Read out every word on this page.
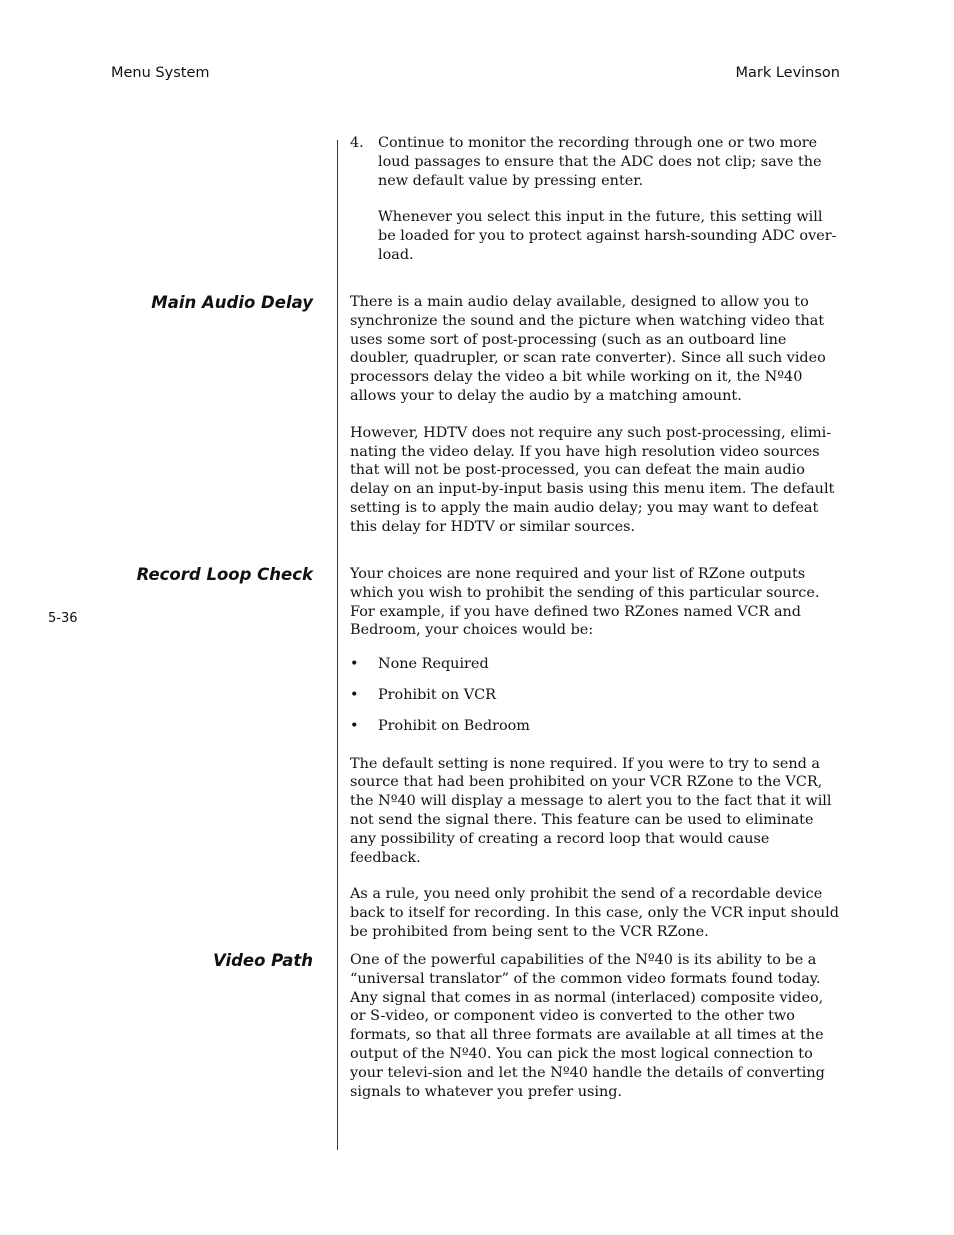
Menu System	Mark Levinson
5-36
4. Continue to monitor the recording through one or two more loud passages to ensure that the ADC does not clip; save the new default value by pressing enter.

Whenever you select this input in the future, this setting will be loaded for you to protect against harsh-sounding ADC over-load.

Main Audio Delay	There is a main audio delay available, designed to allow you to synchronize the sound and the picture when watching video that uses some sort of post-processing (such as an outboard line doubler, quadrupler, or scan rate converter). Since all such video processors delay the video a bit while working on it, the Nº40 allows your to delay the audio by a matching amount.

However, HDTV does not require any such post-processing, elimi-nating the video delay. If you have high resolution video sources that will not be post-processed, you can defeat the main audio delay on an input-by-input basis using this menu item. The default setting is to apply the main audio delay; you may want to defeat this delay for HDTV or similar sources.

Record Loop Check	Your choices are none required and your list of RZone outputs which you wish to prohibit the sending of this particular source. For example, if you have defined two RZones named VCR and Bedroom, your choices would be:

• None Required
• Prohibit on VCR
• Prohibit on Bedroom

The default setting is none required. If you were to try to send a source that had been prohibited on your VCR RZone to the VCR, the Nº40 will display a message to alert you to the fact that it will not send the signal there. This feature can be used to eliminate any possibility of creating a record loop that would cause feedback.

As a rule, you need only prohibit the send of a recordable device back to itself for recording. In this case, only the VCR input should be prohibited from being sent to the VCR RZone.

Video Path	One of the powerful capabilities of the Nº40 is its ability to be a “universal translator” of the common video formats found today. Any signal that comes in as normal (interlaced) composite video, or S-video, or component video is converted to the other two formats, so that all three formats are available at all times at the output of the Nº40. You can pick the most logical connection to your televi-sion and let the Nº40 handle the details of converting signals to whatever you prefer using.
